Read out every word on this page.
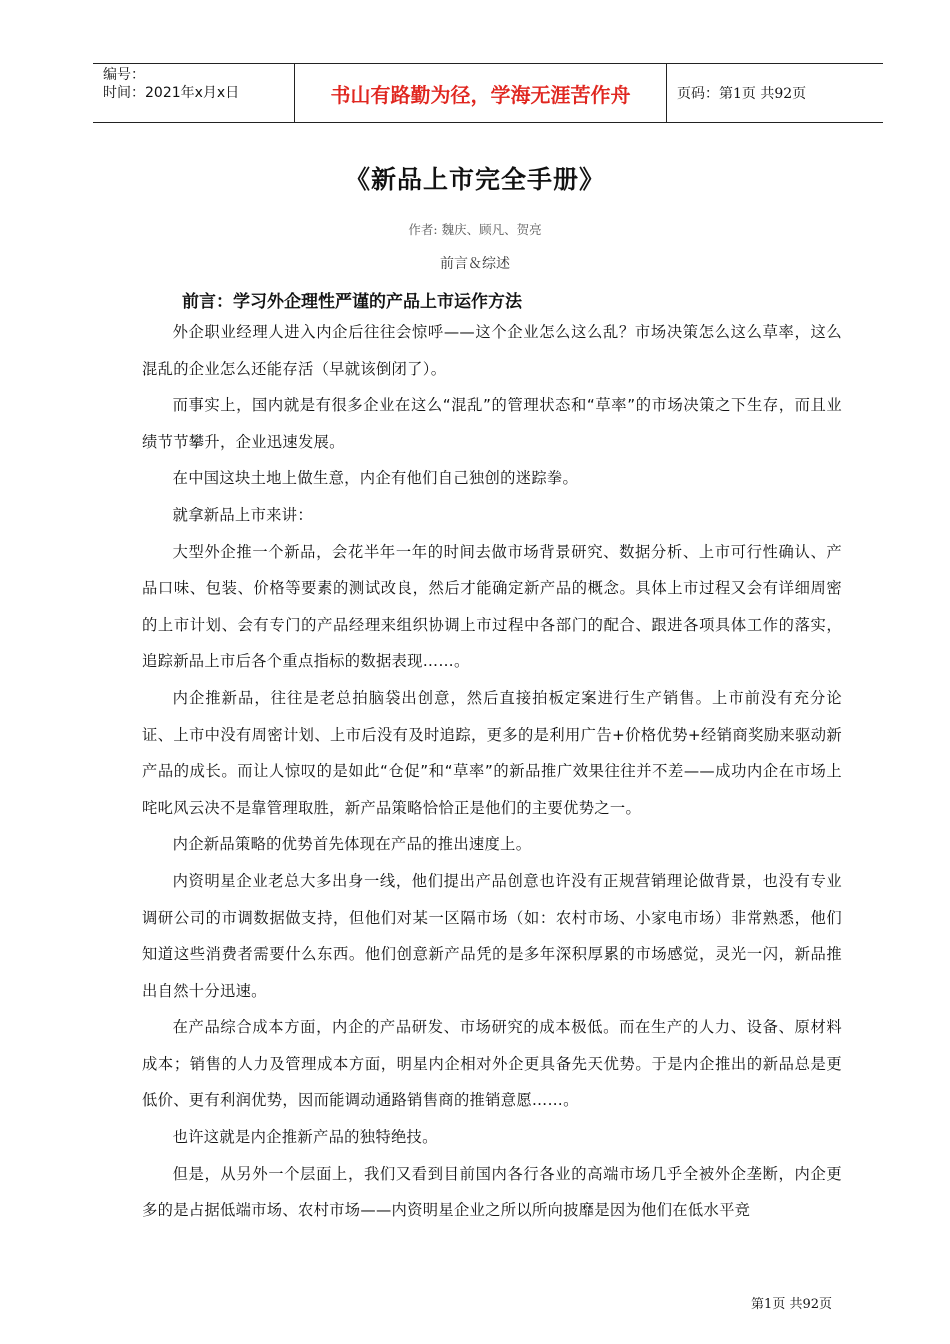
编号：
时间：2021年x月x日	书山有路勤为径，学海无涯苦作舟	页码：第1页 共92页
《新品上市完全手册》
作者: 魏庆、顾凡、贺亮
前言＆综述
前言：学习外企理性严谨的产品上市运作方法

外企职业经理人进入内企后往往会惊呼——这个企业怎么这么乱？市场决策怎么这么草率，这么混乱的企业怎么还能存活（早就该倒闭了）。

而事实上，国内就是有很多企业在这么“混乱”的管理状态和“草率”的市场决策之下生存，而且业绩节节攀升，企业迅速发展。

在中国这块土地上做生意，内企有他们自己独创的迷踪拳。

就拿新品上市来讲：

大型外企推一个新品，会花半年一年的时间去做市场背景研究、数据分析、上市可行性确认、产品口味、包装、价格等要素的测试改良，然后才能确定新产品的概念。具体上市过程又会有详细周密的上市计划、会有专门的产品经理来组织协调上市过程中各部门的配合、跟进各项具体工作的落实，追踪新品上市后各个重点指标的数据表现……。

内企推新品，往往是老总拍脑袋出创意，然后直接拍板定案进行生产销售。上市前没有充分论证、上市中没有周密计划、上市后没有及时追踪，更多的是利用广告+价格优势+经销商奖励来驱动新产品的成长。而让人惊叹的是如此“仓促”和“草率”的新品推广效果往往并不差——成功内企在市场上咤叱风云决不是靠管理取胜，新产品策略恰恰正是他们的主要优势之一。

内企新品策略的优势首先体现在产品的推出速度上。

内资明星企业老总大多出身一线，他们提出产品创意也许没有正规营销理论做背景，也没有专业调研公司的市调数据做支持，但他们对某一区隔市场（如：农村市场、小家电市场）非常熟悉，他们知道这些消费者需要什么东西。他们创意新产品凭的是多年深积厚累的市场感觉，灵光一闪，新品推出自然十分迅速。

在产品综合成本方面，内企的产品研发、市场研究的成本极低。而在生产的人力、设备、原材料成本；销售的人力及管理成本方面，明星内企相对外企更具备先天优势。于是内企推出的新品总是更低价、更有利润优势，因而能调动通路销售商的推销意愿……。

也许这就是内企推新产品的独特绝技。

但是，从另外一个层面上，我们又看到目前国内各行各业的高端市场几乎全被外企垄断，内企更多的是占据低端市场、农村市场——内资明星企业之所以所向披靡是因为他们在低水平竞

第1页 共92页
